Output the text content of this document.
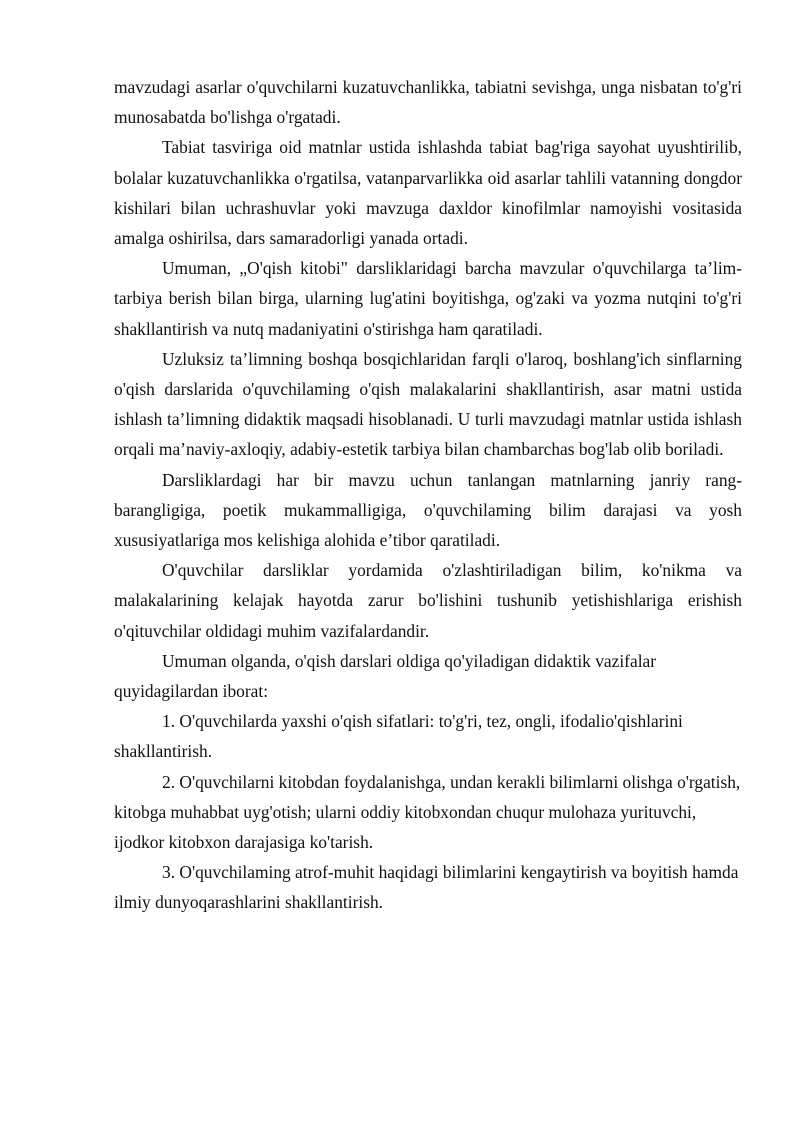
mavzudagi asarlar o'quvchilarni kuzatuvchanlikka, tabiatni sevishga, unga nisbatan to'g'ri munosabatda bo'lishga o'rgatadi.

Tabiat tasviriga oid matnlar ustida ishlashda tabiat bag'riga sayohat uyushtirilib, bolalar kuzatuvchanlikka o'rgatilsa, vatanparvarlikka oid asarlar tahlili vatanning dongdor kishilari bilan uchrashuvlar yoki mavzuga daxldor kinofilmlar namoyishi vositasida amalga oshirilsa, dars samaradorligi yanada ortadi.

Umuman, „O'qish kitobi" darsliklaridagi barcha mavzular o'quvchilarga ta’lim-tarbiya berish bilan birga, ularning lug'atini boyitishga, og'zaki va yozma nutqini to'g'ri shakllantirish va nutq madaniyatini o'stirishga ham qaratiladi.

Uzluksiz ta’limning boshqa bosqichlaridan farqli o'laroq, boshlang'ich sinflarning o'qish darslarida o'quvchilaming o'qish malakalarini shakllantirish, asar matni ustida ishlash ta’limning didaktik maqsadi hisoblanadi. U turli mavzudagi matnlar ustida ishlash orqali ma’naviy-axloqiy, adabiy-estetik tarbiya bilan chambarchas bog'lab olib boriladi.

Darsliklardagi har bir mavzu uchun tanlangan matnlarning janriy rang-barangligiga, poetik mukammalligiga, o'quvchilaming bilim darajasi va yosh xususiyatlariga mos kelishiga alohida e’tibor qaratiladi.

O'quvchilar darsliklar yordamida o'zlashtiriladigan bilim, ko'nikma va malakalarining kelajak hayotda zarur bo'lishini tushunib yetishishlariga erishish o'qituvchilar oldidagi muhim vazifalardandir.

Umuman olganda, o'qish darslari oldiga qo'yiladigan didaktik vazifalar quyidagilardan iborat:

1. O'quvchilarda yaxshi o'qish sifatlari: to'g'ri, tez, ongli, ifodalio'qishlarini shakllantirish.

2. O'quvchilarni kitobdan foydalanishga, undan kerakli bilimlarni olishga o'rgatish, kitobga muhabbat uyg'otish; ularni oddiy kitobxondan chuqur mulohaza yurituvchi, ijodkor kitobxon darajasiga ko'tarish.

3. O'quvchilaming atrof-muhit haqidagi bilimlarini kengaytirish va boyitish hamda ilmiy dunyoqarashlarini shakllantirish.
